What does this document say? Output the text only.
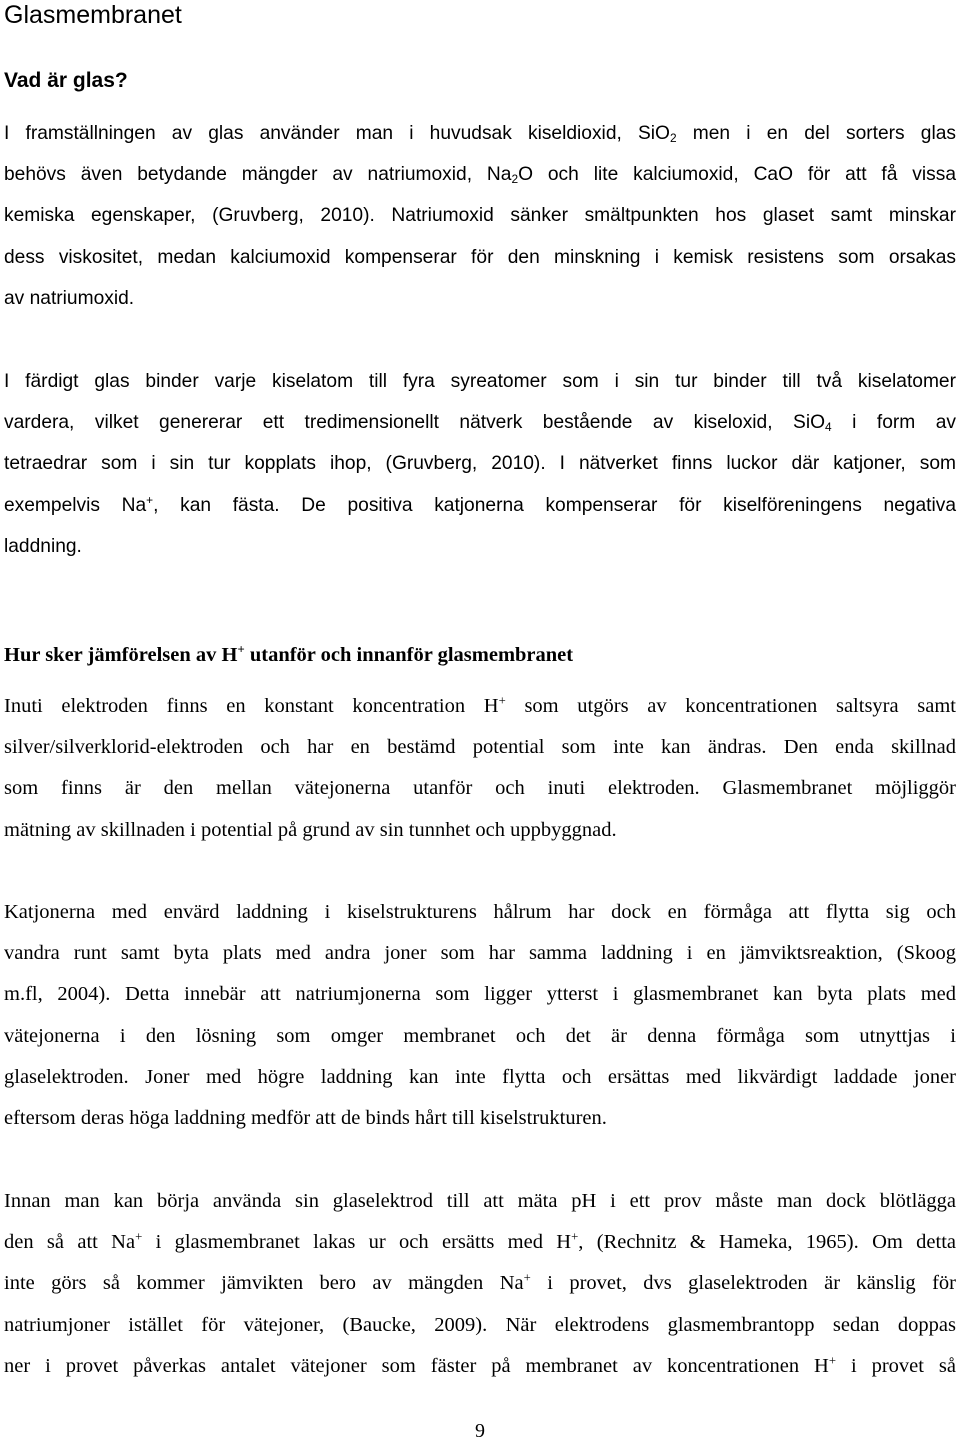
Glasmembranet
Vad är glas?
I framställningen av glas använder man i huvudsak kiseldioxid, SiO$_2$ men i en del sorters glas
behövs även betydande mängder av natriumoxid, $Na_2O$ och lite kalciumoxid, CaO för att få vissa
kemiska egenskaper, (Gruvberg, 2010). Natriumoxid sänker smältpunkten hos glaset samt minskar
dess viskositet, medan kalciumoxid kompenserar för den minskning i kemisk resistens som orsakas
av natriumoxid.
I färdigt glas binder varje kiselatom till fyra syreatomer som i sin tur binder till två kiselatomer
vardera, vilket genererar ett tredimensionellt nätverk bestående av kiseloxid, SiO$_4$ i form av
tetraedrar som i sin tur kopplats ihop, (Gruvberg, 2010). I nätverket finns luckor där katjoner, som
exempelvis Na+, kan fästa. De positiva katjonerna kompenserar för kiselföreningens negativa
laddning.
Hur sker jämförelsen av H+ utanför och innanför glasmembranet
Inuti elektroden finns en konstant koncentration H+ som utgörs av koncentrationen saltsyra samt
silver/silverklorid-elektroden och har en bestämd potential som inte kan ändras. Den enda skillnad
som finns är den mellan vätejonerna utanför och inuti elektroden. Glasmembranet möjliggör
mätning av skillnaden i potential på grund av sin tunnhet och uppbyggnad.
Katjonerna med envärd laddning i kiselstrukturens hålrum har dock en förmåga att flytta sig och
vandra runt samt byta plats med andra joner som har samma laddning i en jämviktsreaktion, (Skoog
m.fl, 2004). Detta innebär att natriumjonerna som ligger ytterst i glasmembranet kan byta plats med
vätejonerna i den lösning som omger membranet och det är denna förmåga som utnyttjas i
glaselektroden. Joner med högre laddning kan inte flytta och ersättas med likvärdigt laddade joner
eftersom deras höga laddning medför att de binds hårt till kiselstrukturen.
Innan man kan börja använda sin glaselektrod till att mäta pH i ett prov måste man dock blötlägga
den så att Na+ i glasmembranet lakas ur och ersätts med H+, (Rechnitz & Hameka, 1965). Om detta
inte görs så kommer jämvikten bero av mängden Na+ i provet, dvs glaselektroden är känslig för
natriumjoner istället för vätejoner, (Baucke, 2009). När elektrodens glasmembrantopp sedan doppas
ner i provet påverkas antalet vätejoner som fäster på membranet av koncentrationen H+ i provet så
9
